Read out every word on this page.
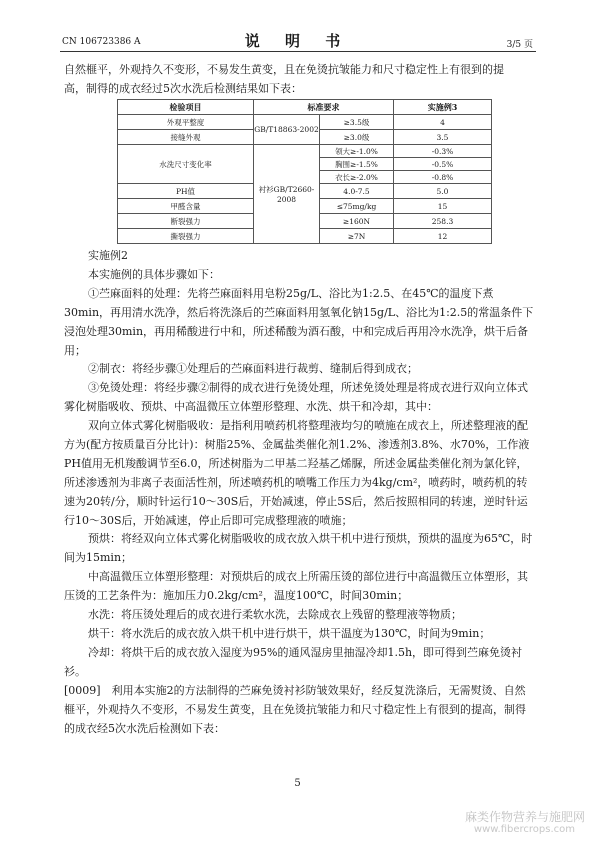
CN 106723386 A	说 明 书	3/5 页

自然榧平，外观持久不变形，不易发生黄变，且在免烫抗皱能力和尺寸稳定性上有很到的提

高，制得的成衣经过5次水洗后检测结果如下表：

检验项目	标准要求		实施例3
外观平整度	GB/T18863-2002	≥3.5级	4
接缝外观		≥3.0级	3.5
水洗尺寸变化率	衬衫GB/T2660-2008	领大≥-1.0%	-0.3%
		胸围≥-1.5%	-0.5%
		衣长≥-2.0%	-0.8%
PH值		4.0-7.5	5.0
甲醛含量		≤75mg/kg	15
断裂强力		≥160N	258.3
撕裂强力		≥7N	12

实施例2

本实施例的具体步骤如下：

①苎麻面料的处理：先将苎麻面料用皂粉25g/L、浴比为1:2.5、在45℃的温度下煮30min，再用清水洗净，然后将洗涤后的苎麻面料用氢氧化钠15g/L、浴比为1:2.5的常温条件下浸泡处理30min，再用稀酸进行中和，所述稀酸为酒石酸，中和完成后再用冷水洗净，烘干后备用；

②制衣：将经步骤①处理后的苎麻面料进行裁剪、缝制后得到成衣；

③免烫处理：将经步骤②制得的成衣进行免烫处理，所述免烫处理是将成衣进行双向立体式雾化树脂吸收、预烘、中高温微压立体塑形整理、水洗、烘干和冷却，其中：

双向立体式雾化树脂吸收：是指利用喷药机将整理液均匀的喷施在成衣上，所述整理液的配方为(配方按质量百分比计)：树脂25%、金属盐类催化剂1.2%、渗透剂3.8%、水70%，工作液PH值用无机羧酸调节至6.0，所述树脂为二甲基二羟基乙烯脲，所述金属盐类催化剂为氯化锌，所述渗透剂为非离子表面活性剂，所述喷药机的喷嘴工作压力为4kg/cm²，喷药时，喷药机的转速为20转/分，顺时针运行10～30S后，开始减速，停止5S后，然后按照相同的转速，逆时针运行10～30S后，开始减速，停止后即可完成整理液的喷施；

预烘：将经双向立体式雾化树脂吸收的成衣放入烘干机中进行预烘，预烘的温度为65℃，时间为15min；

中高温微压立体塑形整理：对预烘后的成衣上所需压烫的部位进行中高温微压立体塑形，其压烫的工艺条件为：施加压力0.2kg/cm²，温度100℃，时间30min；

水洗：将压烫处理后的成衣进行柔软水洗，去除成衣上残留的整理液等物质；

烘干：将水洗后的成衣放入烘干机中进行烘干，烘干温度为130℃，时间为9min；

冷却：将烘干后的成衣放入湿度为95%的通风湿房里抽湿冷却1.5h，即可得到苎麻免烫衬衫。

[0009]　利用本实施2的方法制得的苎麻免烫衬衫防皱效果好，经反复洗涤后，无需熨烫、自然榧平，外观持久不变形，不易发生黄变，且在免烫抗皱能力和尺寸稳定性上有很到的提高，制得的成衣经5次水洗后检测如下表：

5
麻类作物营养与施肥网
www.fibercrops.com
